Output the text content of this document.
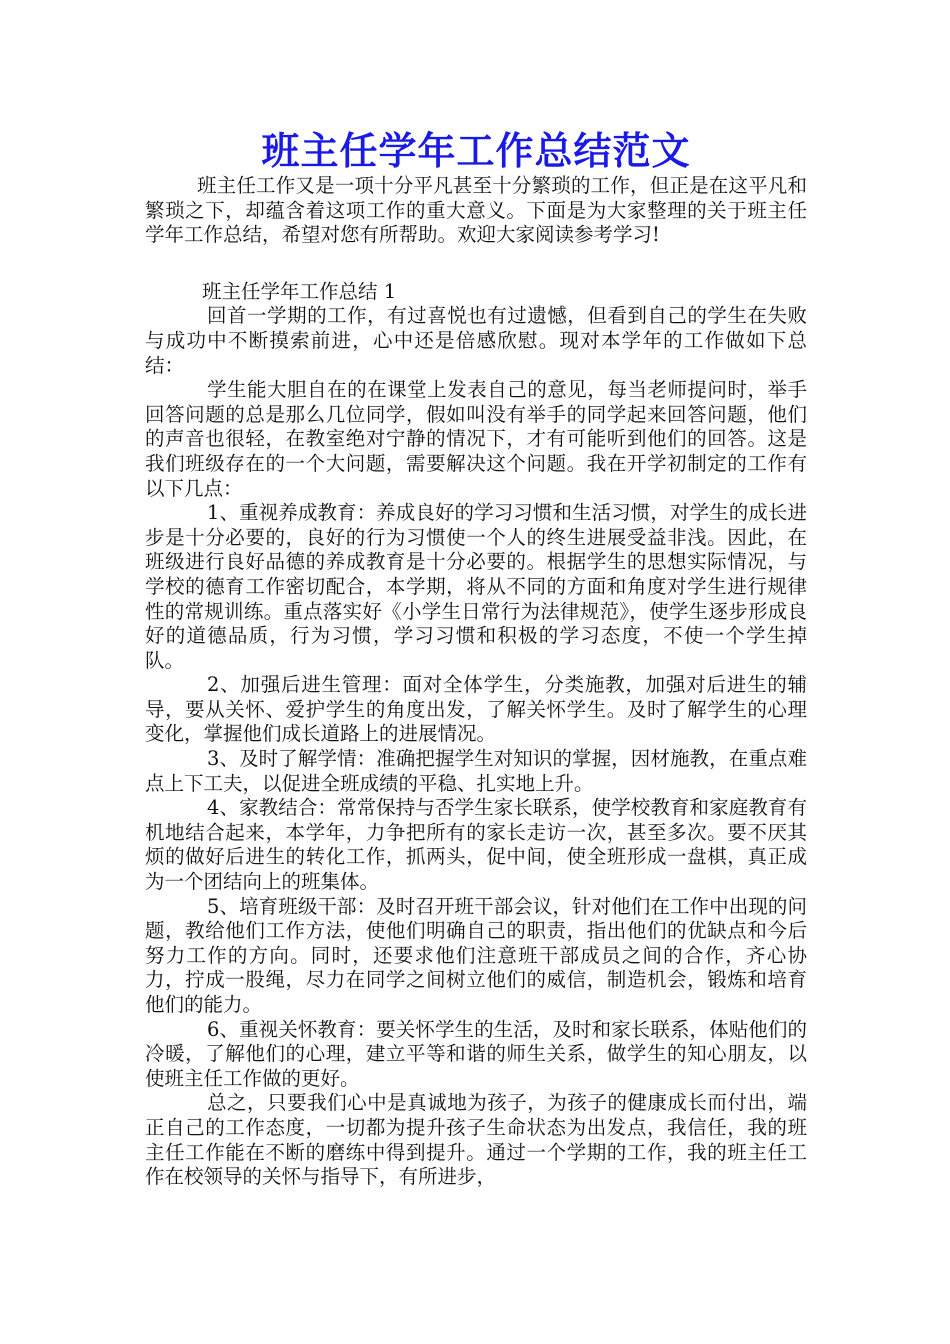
班主任学年工作总结范文

班主任工作又是一项十分平凡甚至十分繁琐的工作，但正是在这平凡和繁琐之下，却蕴含着这项工作的重大意义。下面是为大家整理的关于班主任学年工作总结，希望对您有所帮助。欢迎大家阅读参考学习!

班主任学年工作总结 1

回首一学期的工作，有过喜悦也有过遗憾，但看到自己的学生在失败与成功中不断摸索前进，心中还是倍感欣慰。现对本学年的工作做如下总结：

学生能大胆自在的在课堂上发表自己的意见，每当老师提问时，举手回答问题的总是那么几位同学，假如叫没有举手的同学起来回答问题，他们的声音也很轻，在教室绝对宁静的情况下，才有可能听到他们的回答。这是我们班级存在的一个大问题，需要解决这个问题。我在开学初制定的工作有以下几点：

1、重视养成教育：养成良好的学习习惯和生活习惯，对学生的成长进步是十分必要的，良好的行为习惯使一个人的终生进展受益非浅。因此，在班级进行良好品德的养成教育是十分必要的。根据学生的思想实际情况，与学校的德育工作密切配合，本学期，将从不同的方面和角度对学生进行规律性的常规训练。重点落实好《小学生日常行为法律规范》，使学生逐步形成良好的道德品质，行为习惯，学习习惯和积极的学习态度，不使一个学生掉队。

2、加强后进生管理：面对全体学生，分类施教，加强对后进生的辅导，要从关怀、爱护学生的角度出发，了解关怀学生。及时了解学生的心理变化，掌握他们成长道路上的进展情况。

3、及时了解学情：准确把握学生对知识的掌握，因材施教，在重点难点上下工夫，以促进全班成绩的平稳、扎实地上升。

4、家教结合：常常保持与否学生家长联系，使学校教育和家庭教育有机地结合起来，本学年，力争把所有的家长走访一次，甚至多次。要不厌其烦的做好后进生的转化工作，抓两头，促中间，使全班形成一盘棋，真正成为一个团结向上的班集体。

5、培育班级干部：及时召开班干部会议，针对他们在工作中出现的问题，教给他们工作方法，使他们明确自己的职责，指出他们的优缺点和今后努力工作的方向。同时，还要求他们注意班干部成员之间的合作，齐心协力，拧成一股绳，尽力在同学之间树立他们的威信，制造机会，锻炼和培育他们的能力。

6、重视关怀教育：要关怀学生的生活，及时和家长联系，体贴他们的冷暖，了解他们的心理，建立平等和谐的师生关系，做学生的知心朋友，以使班主任工作做的更好。

总之，只要我们心中是真诚地为孩子，为孩子的健康成长而付出，端正自己的工作态度，一切都为提升孩子生命状态为出发点，我信任，我的班主任工作能在不断的磨练中得到提升。通过一个学期的工作，我的班主任工作在校领导的关怀与指导下，有所进步，
